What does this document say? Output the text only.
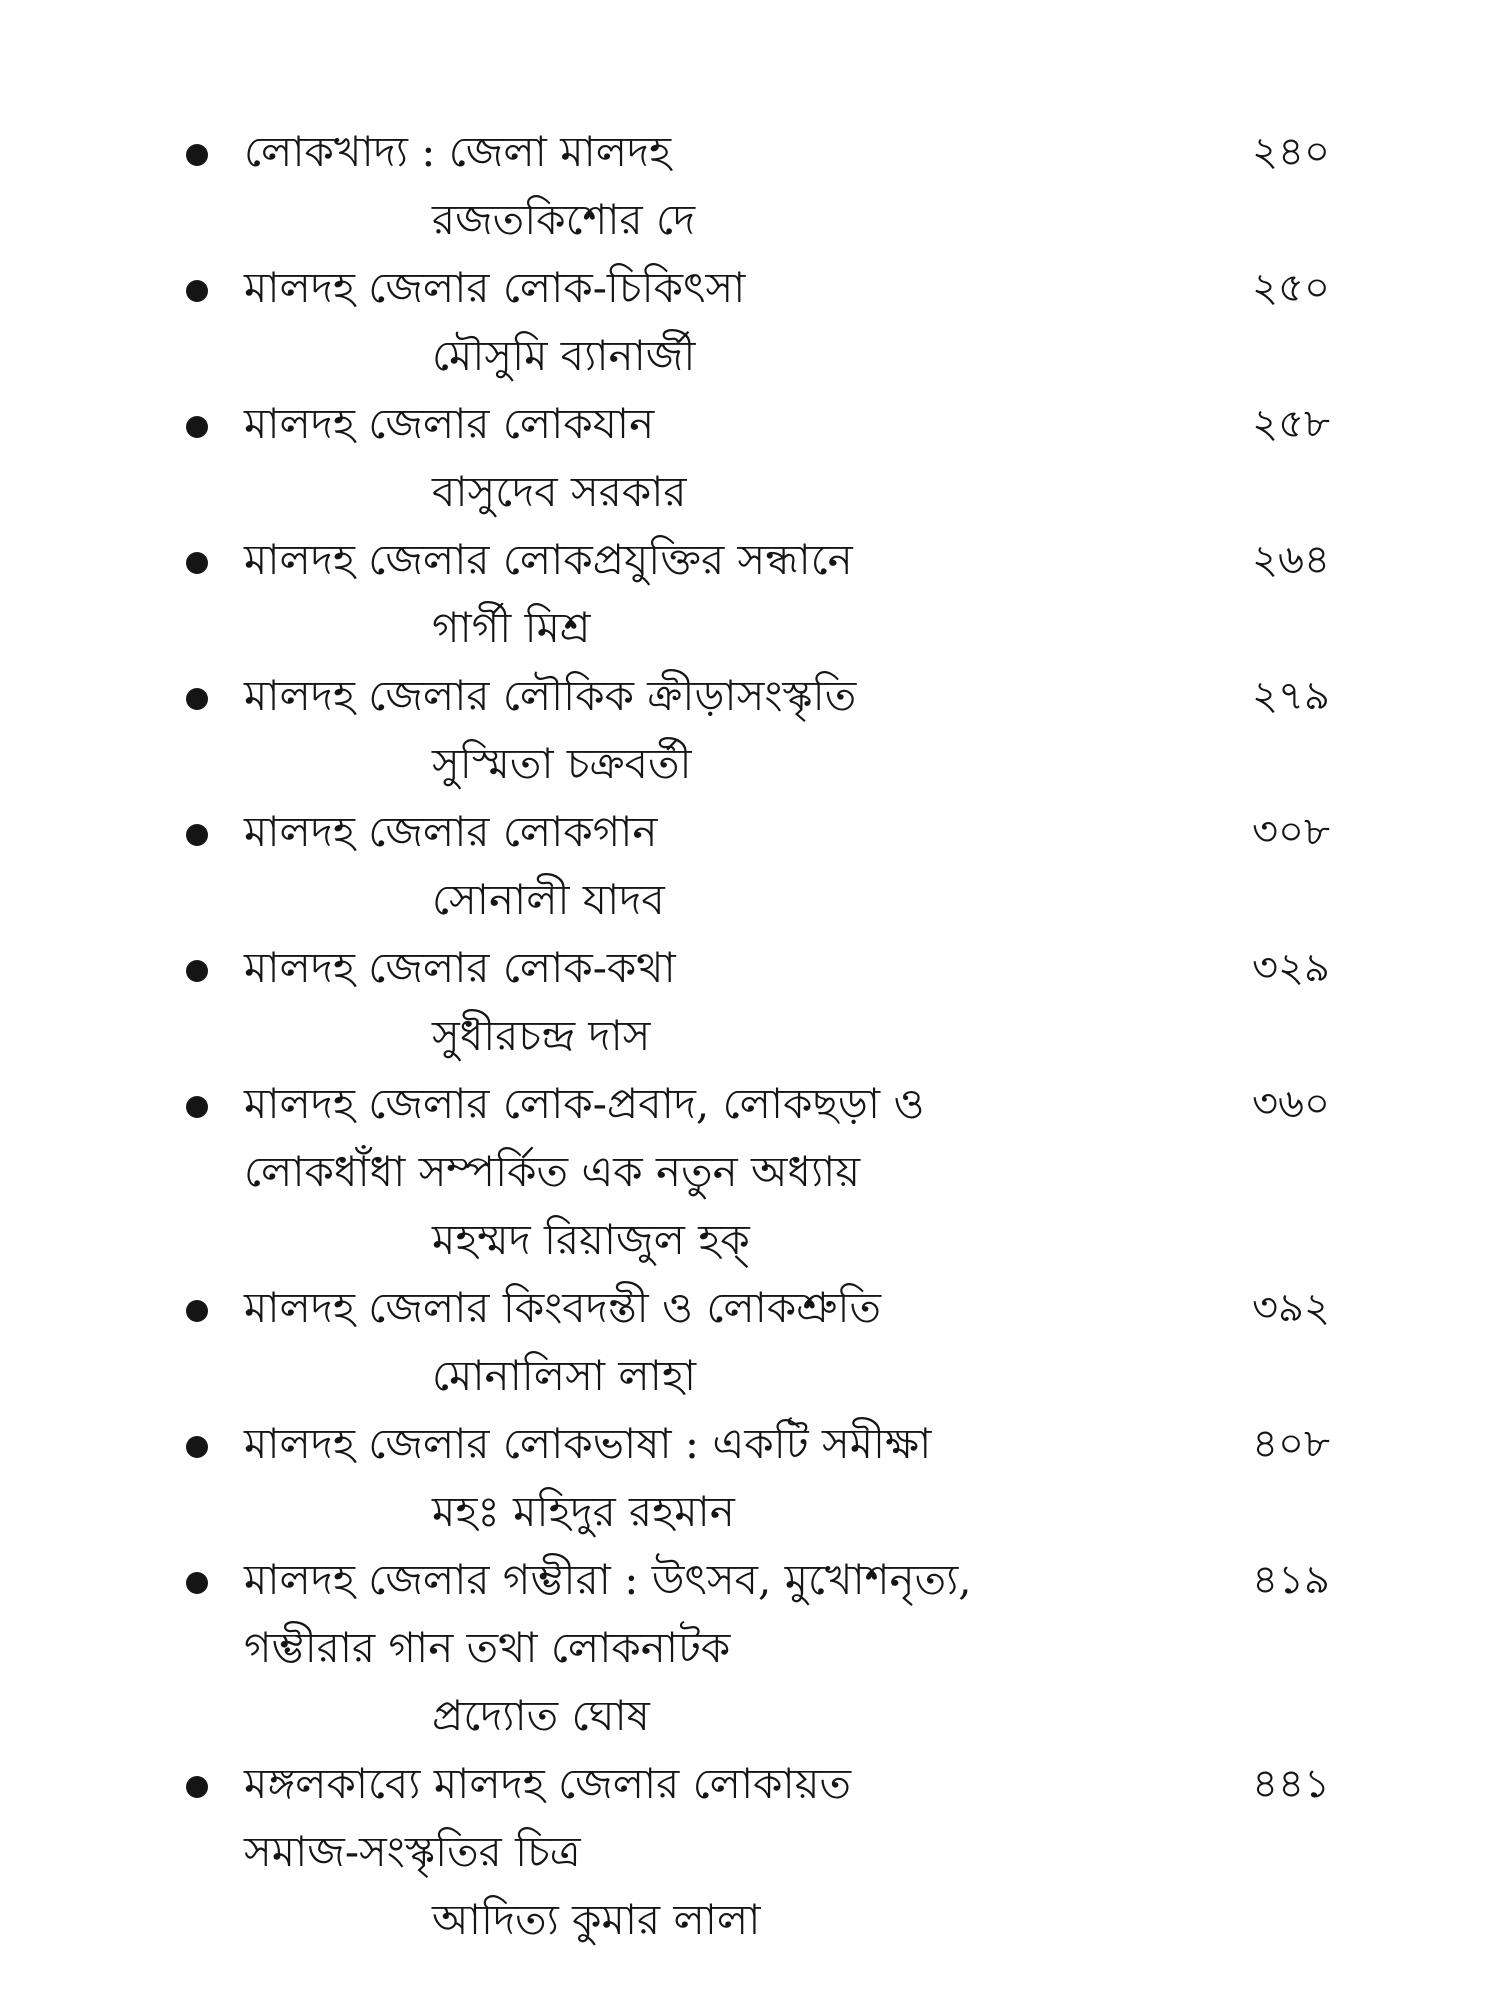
লোকখাদ্য : জেলা মালদহ
রজতকিশোর দে
২৪০
মালদহ জেলার লোক-চিকিৎসা
মৌসুমি ব্যানার্জী
২৫০
মালদহ জেলার লোকযান
বাসুদেব সরকার
২৫৮
মালদহ জেলার লোকপ্রযুক্তির সন্ধানে
গার্গী মিশ্র
২৬৪
মালদহ জেলার লৌকিক ক্রীড়াসংস্কৃতি
সুস্মিতা চক্রবর্তী
২৭৯
মালদহ জেলার লোকগান
সোনালী যাদব
৩০৮
মালদহ জেলার লোক-কথা
সুধীরচন্দ্র দাস
৩২৯
মালদহ জেলার লোক-প্রবাদ, লোকছড়া ও
লোকধাঁধা সম্পর্কিত এক নতুন অধ্যায়
মহম্মদ রিয়াজুল হক্
৩৬০
মালদহ জেলার কিংবদন্তী ও লোকশ্রুতি
মোনালিসা লাহা
৩৯২
মালদহ জেলার লোকভাষা : একটি সমীক্ষা
মহঃ মহিদুর রহমান
৪০৮
মালদহ জেলার গম্ভীরা : উৎসব, মুখোশনৃত্য,
গম্ভীরার গান তথা লোকনাটক
প্রদ্যোত ঘোষ
৪১৯
মঙ্গলকাব্যে মালদহ জেলার লোকায়ত
সমাজ-সংস্কৃতির চিত্র
আদিত্য কুমার লালা
৪৪১
